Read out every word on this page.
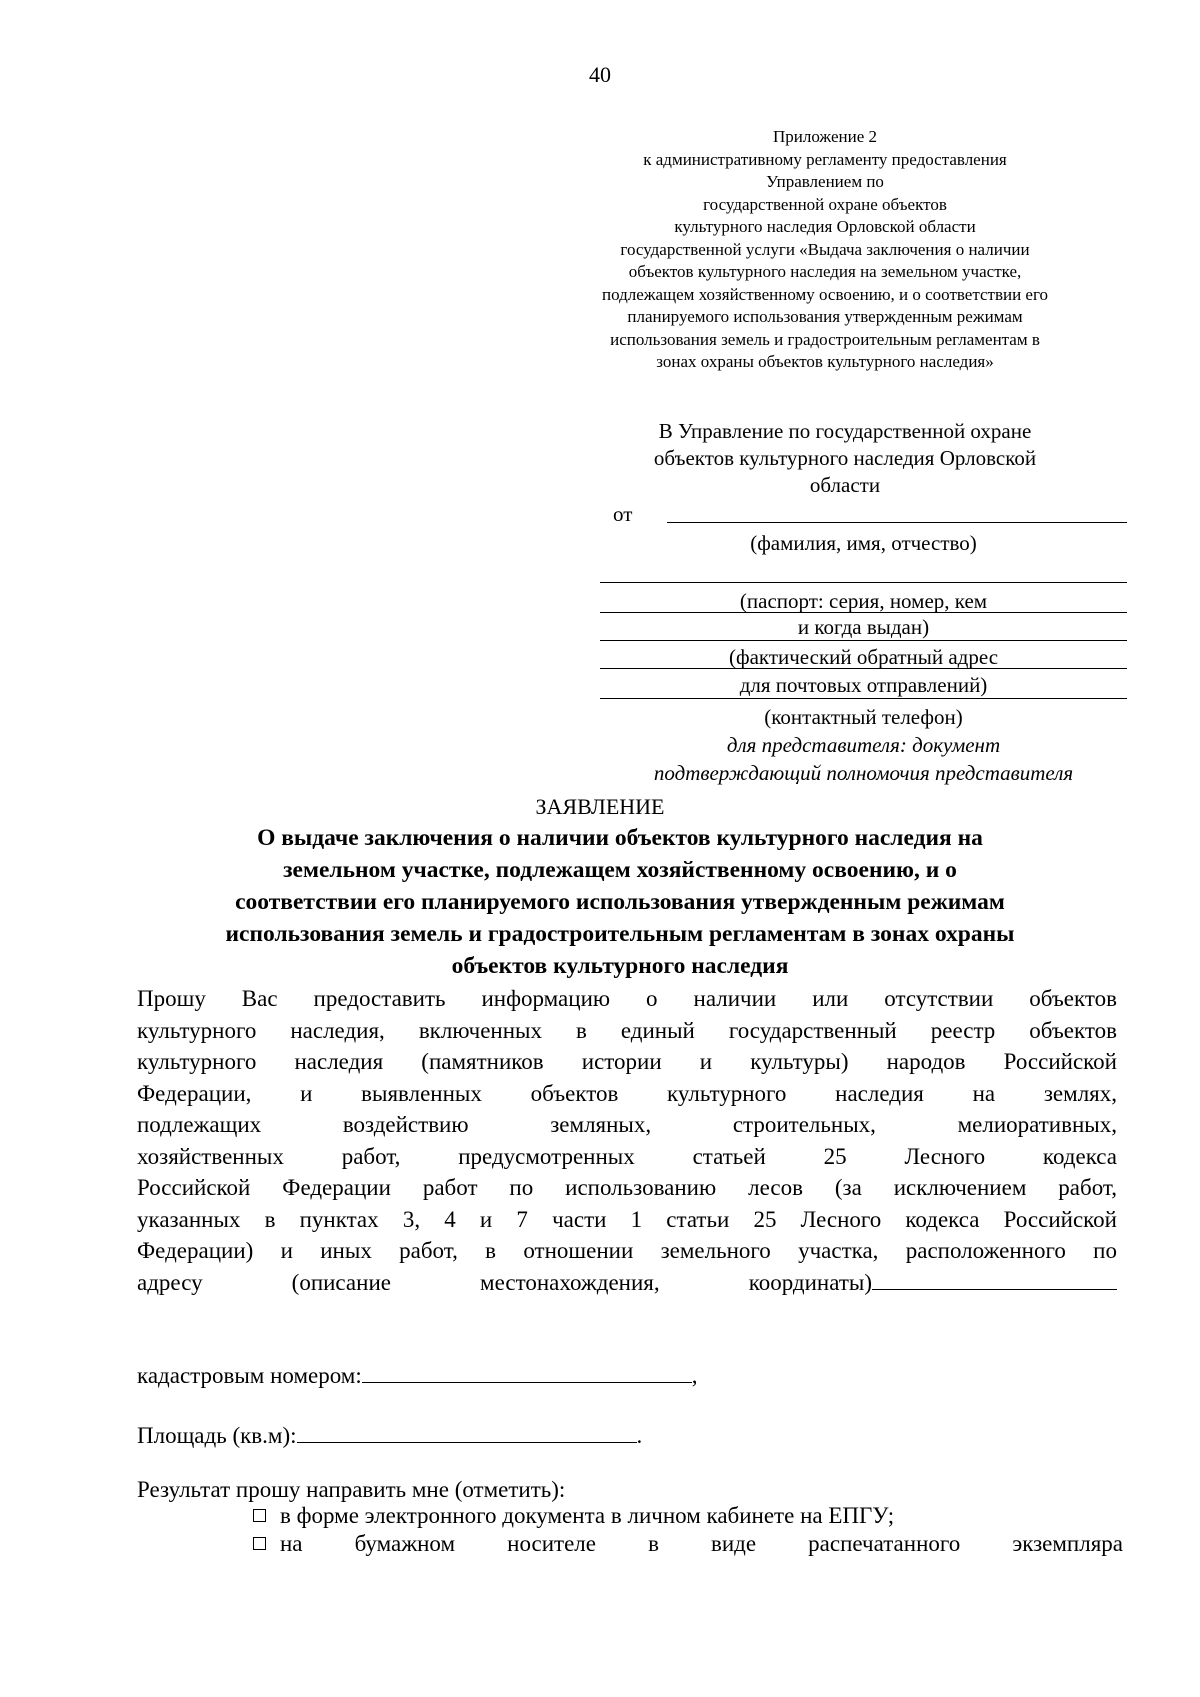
40
Приложение 2
к административному регламенту предоставления
Управлением по
государственной охране объектов
культурного наследия Орловской области
государственной услуги «Выдача заключения о наличии
объектов культурного наследия на земельном участке,
подлежащем хозяйственному освоению, и о соответствии его
планируемого использования утвержденным режимам
использования земель и градостроительным регламентам в
зонах охраны объектов культурного наследия»
В Управление по государственной охране
объектов культурного наследия Орловской
области
от
(фамилия, имя, отчество)
(паспорт: серия, номер, кем
и когда выдан)
(фактический обратный адрес
для почтовых отправлений)
(контактный телефон)
для представителя: документ
подтверждающий полномочия представителя
ЗАЯВЛЕНИЕ
О выдаче заключения о наличии объектов культурного наследия на
земельном участке, подлежащем хозяйственному освоению, и о
соответствии его планируемого использования утвержденным режимам
использования земель и градостроительным регламентам в зонах охраны
объектов культурного наследия
Прошу Вас предоставить информацию о наличии или отсутствии объектов
культурного наследия, включенных в единый государственный реестр объектов
культурного наследия (памятников истории и культуры) народов Российской
Федерации, и выявленных объектов культурного наследия на землях,
подлежащих воздействию земляных, строительных, мелиоративных,
хозяйственных работ, предусмотренных статьей 25 Лесного кодекса
Российской Федерации работ по использованию лесов (за исключением работ,
указанных в пунктах 3, 4 и 7 части 1 статьи 25 Лесного кодекса Российской
Федерации) и иных работ, в отношении земельного участка, расположенного по
адресу (описание местонахождения, координаты)
кадастровым номером:	,
Площадь (кв.м):	.
Результат прошу направить мне (отметить):
в форме электронного документа в личном кабинете на ЕПГУ;
на бумажном носителе в виде распечатанного экземпляра
